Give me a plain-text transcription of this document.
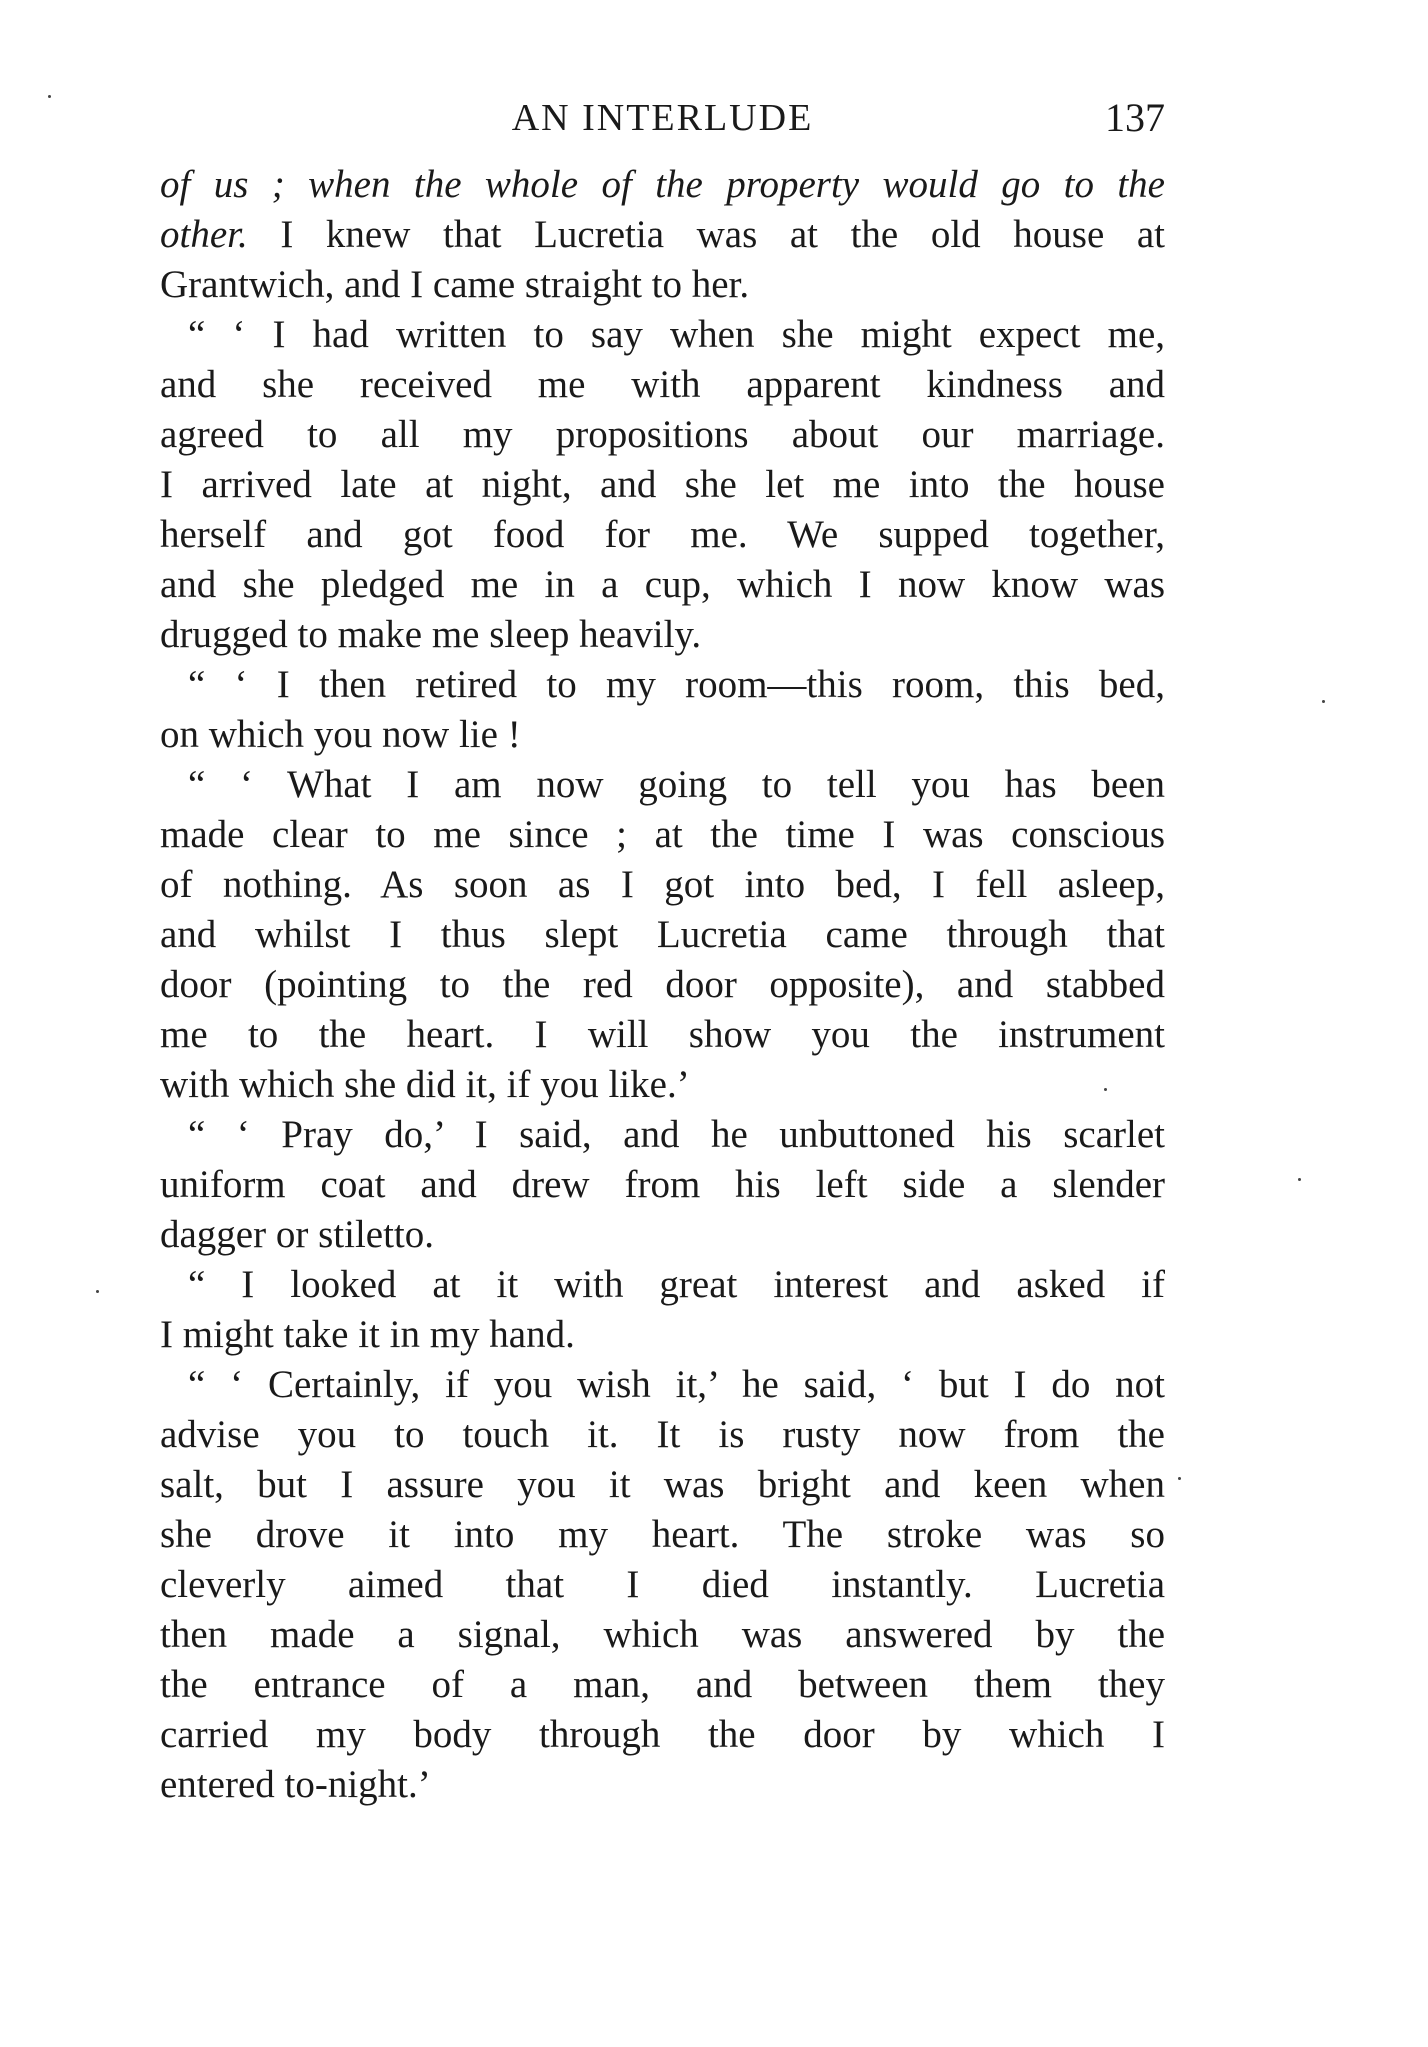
AN INTERLUDE	137
of us ; when the whole of the property would go to the
other. I knew that Lucretia was at the old house at
Grantwich, and I came straight to her.
“ ‘ I had written to say when she might expect me,
and she received me with apparent kindness and
agreed to all my propositions about our marriage.
I arrived late at night, and she let me into the house
herself and got food for me. We supped together,
and she pledged me in a cup, which I now know was
drugged to make me sleep heavily.
“ ‘ I then retired to my room—this room, this bed,
on which you now lie !
“ ‘ What I am now going to tell you has been
made clear to me since ; at the time I was conscious
of nothing. As soon as I got into bed, I fell asleep,
and whilst I thus slept Lucretia came through that
door (pointing to the red door opposite), and stabbed
me to the heart. I will show you the instrument
with which she did it, if you like.’
“ ‘ Pray do,’ I said, and he unbuttoned his scarlet
uniform coat and drew from his left side a slender
dagger or stiletto.
“ I looked at it with great interest and asked if
I might take it in my hand.
“ ‘ Certainly, if you wish it,’ he said, ‘ but I do not
advise you to touch it. It is rusty now from the
salt, but I assure you it was bright and keen when
she drove it into my heart. The stroke was so
cleverly aimed that I died instantly. Lucretia
then made a signal, which was answered by the
the entrance of a man, and between them they
carried my body through the door by which I
entered to-night.’
